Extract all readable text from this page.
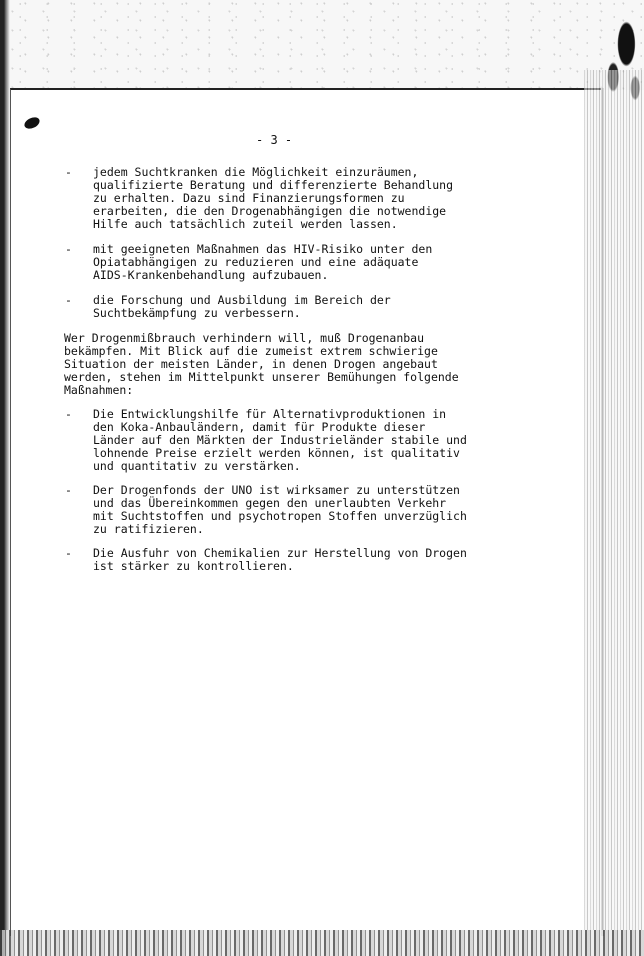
- 3 -
- jedem Suchtkranken die Möglichkeit einzuräumen,
qualifizierte Beratung und differenzierte Behandlung
zu erhalten. Dazu sind Finanzierungsformen zu
erarbeiten, die den Drogenabhängigen die notwendige
Hilfe auch tatsächlich zuteil werden lassen.
- mit geeigneten Maßnahmen das HIV-Risiko unter den
Opiatabhängigen zu reduzieren und eine adäquate
AIDS-Krankenbehandlung aufzubauen.
- die Forschung und Ausbildung im Bereich der
Suchtbekämpfung zu verbessern.
Wer Drogenmißbrauch verhindern will, muß Drogenanbau
bekämpfen. Mit Blick auf die zumeist extrem schwierige
Situation der meisten Länder, in denen Drogen angebaut
werden, stehen im Mittelpunkt unserer Bemühungen folgende
Maßnahmen:
- Die Entwicklungshilfe für Alternativproduktionen in
den Koka-Anbauländern, damit für Produkte dieser
Länder auf den Märkten der Industrieländer stabile und
lohnende Preise erzielt werden können, ist qualitativ
und quantitativ zu verstärken.
- Der Drogenfonds der UNO ist wirksamer zu unterstützen
und das Übereinkommen gegen den unerlaubten Verkehr
mit Suchtstoffen und psychotropen Stoffen unverzüglich
zu ratifizieren.
- Die Ausfuhr von Chemikalien zur Herstellung von Drogen
ist stärker zu kontrollieren.
